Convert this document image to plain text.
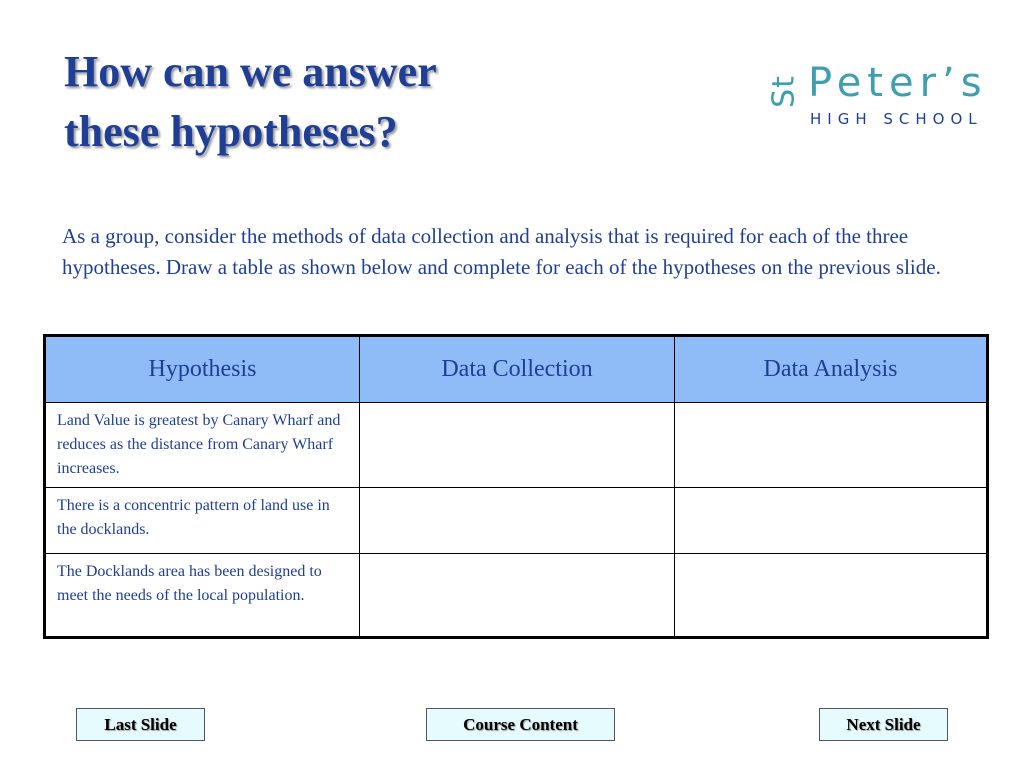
How can we answer
these hypotheses?
St Peter’s
HIGH SCHOOL

As a group, consider the methods of data collection and analysis that is required for each of the three hypotheses. Draw a table as shown below and complete for each of the hypotheses on the previous slide.

Hypothesis	Data Collection	Data Analysis
Land Value is greatest by Canary Wharf and reduces as the distance from Canary Wharf increases.		
There is a concentric pattern of land use in the docklands.		
The Docklands area has been designed to meet the needs of the local population.		
Last Slide	Course Content	Next Slide
